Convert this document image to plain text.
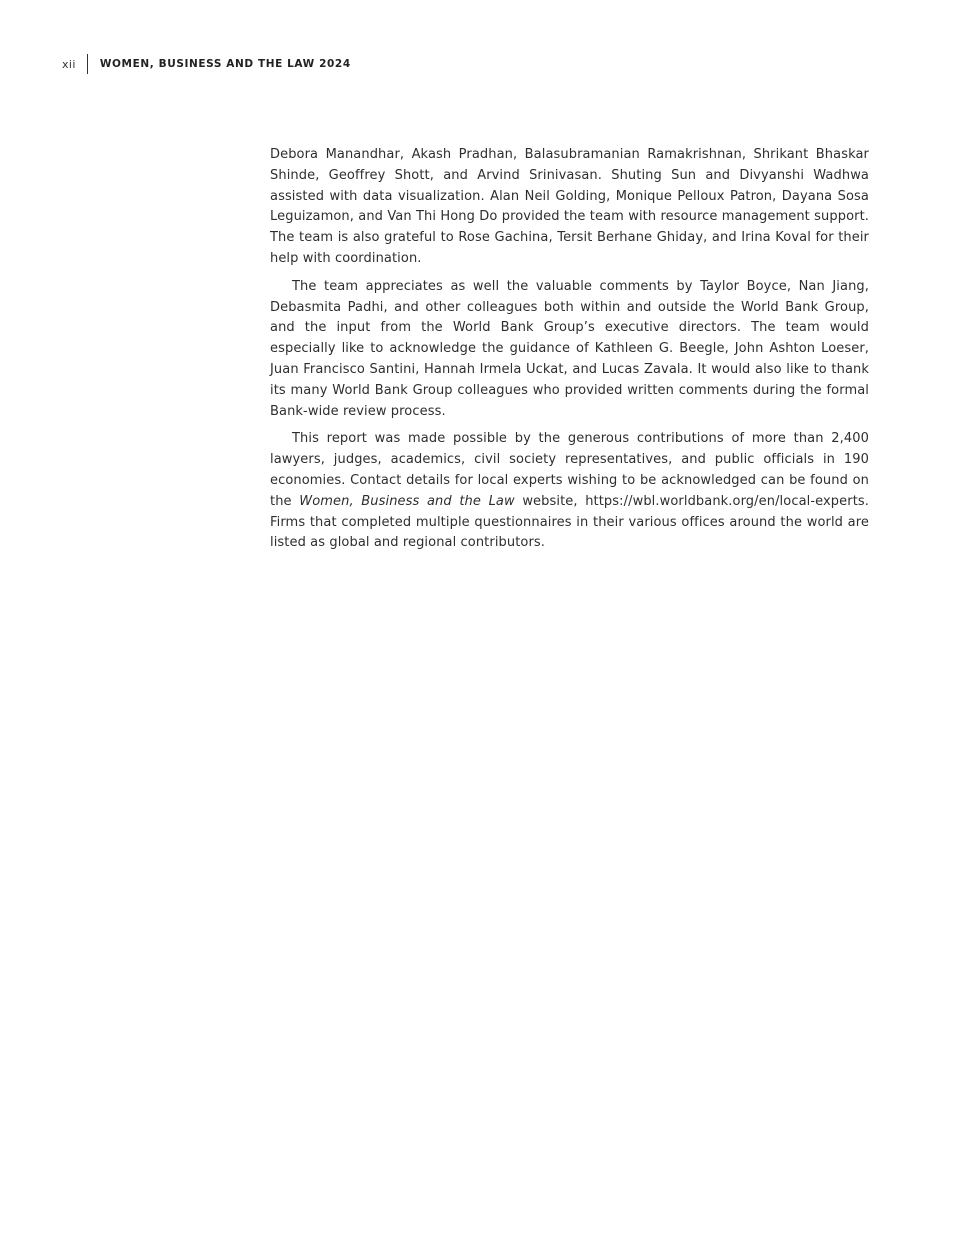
xii	WOMEN, BUSINESS AND THE LAW 2024

Debora Manandhar, Akash Pradhan, Balasubramanian Ramakrishnan, Shrikant Bhaskar Shinde, Geoffrey Shott, and Arvind Srinivasan. Shuting Sun and Divyanshi Wadhwa assisted with data visualization. Alan Neil Golding, Monique Pelloux Patron, Dayana Sosa Leguizamon, and Van Thi Hong Do provided the team with resource management support. The team is also grateful to Rose Gachina, Tersit Berhane Ghiday, and Irina Koval for their help with coordination.

The team appreciates as well the valuable comments by Taylor Boyce, Nan Jiang, Debasmita Padhi, and other colleagues both within and outside the World Bank Group, and the input from the World Bank Group’s executive directors. The team would especially like to acknowledge the guidance of Kathleen G. Beegle, John Ashton Loeser, Juan Francisco Santini, Hannah Irmela Uckat, and Lucas Zavala. It would also like to thank its many World Bank Group colleagues who provided written comments during the formal Bank-wide review process.

This report was made possible by the generous contributions of more than 2,400 lawyers, judges, academics, civil society representatives, and public officials in 190 economies. Contact details for local experts wishing to be acknowledged can be found on the Women, Business and the Law website, https://wbl.worldbank.org/en/local-experts. Firms that completed multiple questionnaires in their various offices around the world are listed as global and regional contributors.
